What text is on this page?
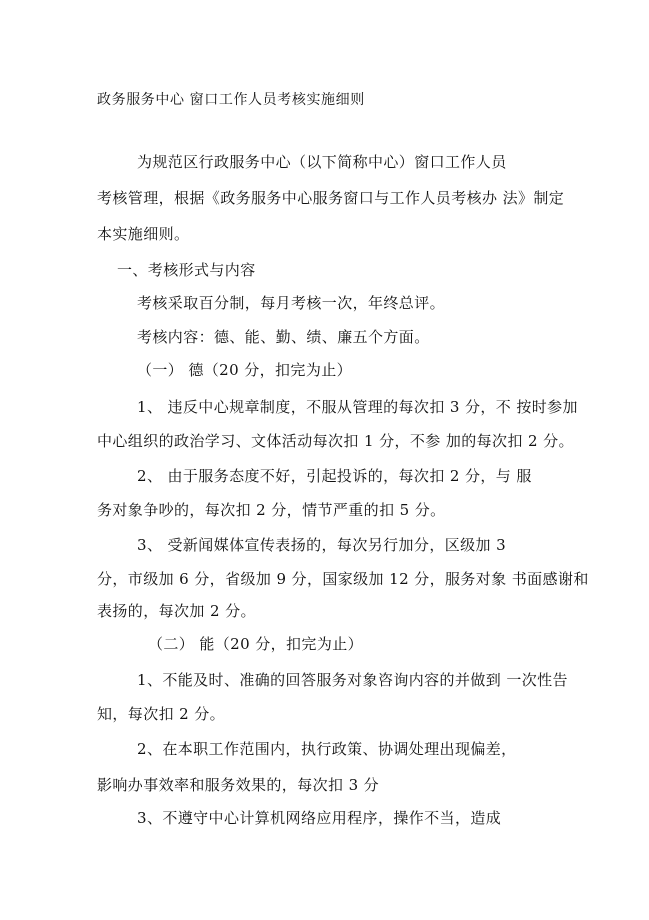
政务服务中心 窗口工作人员考核实施细则

为规范区行政服务中心（以下简称中心）窗口工作人员

考核管理，根据《政务服务中心服务窗口与工作人员考核办 法》制定

本实施细则。

一、考核形式与内容

考核采取百分制，每月考核一次，年终总评。

考核内容：德、能、勤、绩、廉五个方面。

（一） 德（20 分，扣完为止）

1、 违反中心规章制度，不服从管理的每次扣 3 分，不 按时参加

中心组织的政治学习、文体活动每次扣 1 分，不参 加的每次扣 2 分。

2、 由于服务态度不好，引起投诉的，每次扣 2 分，与 服

务对象争吵的，每次扣 2 分，情节严重的扣 5 分。

3、 受新闻媒体宣传表扬的，每次另行加分，区级加 3

分，市级加 6 分，省级加 9 分，国家级加 12 分，服务对象 书面感谢和

表扬的，每次加 2 分。

（二） 能（20 分，扣完为止）

1、不能及时、准确的回答服务对象咨询内容的并做到 一次性告

知，每次扣 2 分。

2、在本职工作范围内，执行政策、协调处理出现偏差，

影响办事效率和服务效果的，每次扣 3 分

3、不遵守中心计算机网络应用程序，操作不当，造成
